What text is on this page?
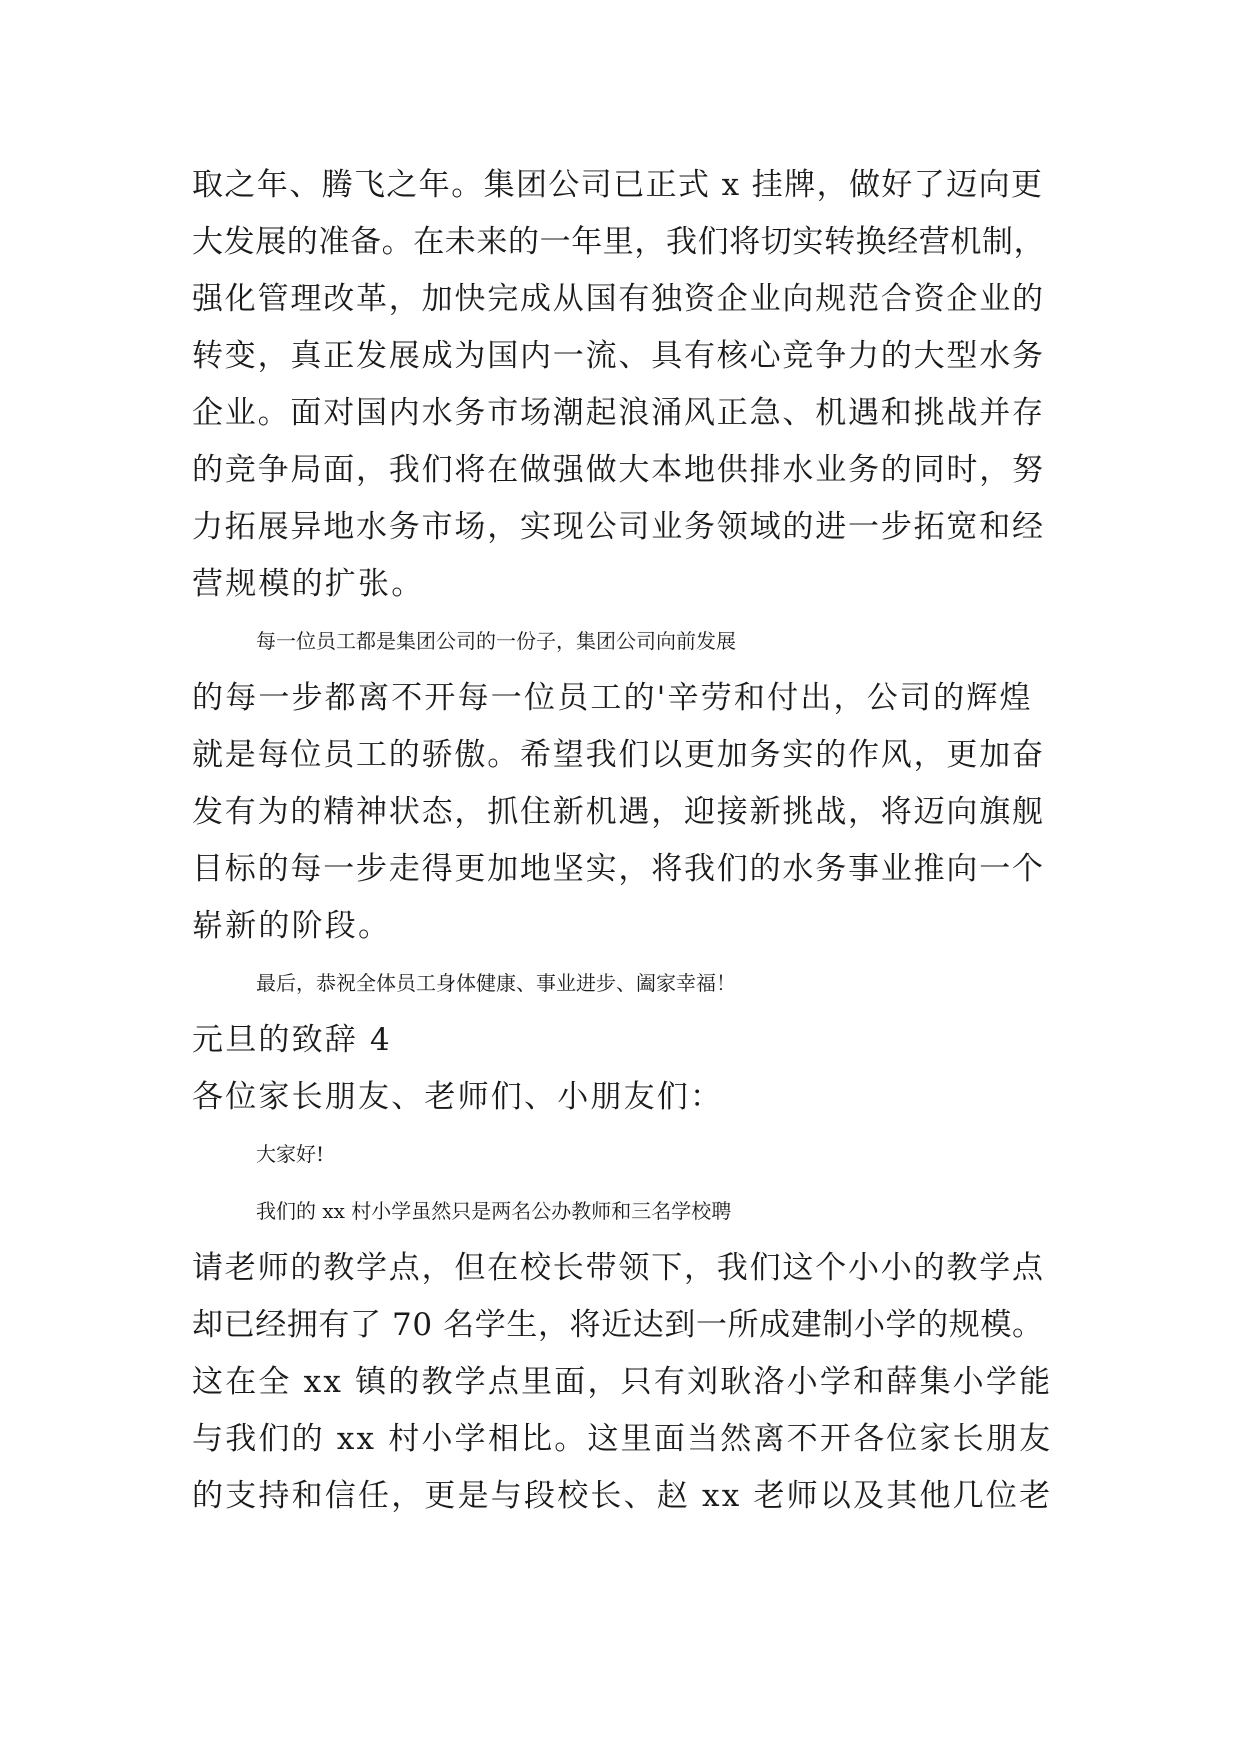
取之年、腾飞之年。集团公司已正式 x 挂牌，做好了迈向更
大发展的准备。在未来的一年里，我们将切实转换经营机制，
强化管理改革，加快完成从国有独资企业向规范合资企业的
转变，真正发展成为国内一流、具有核心竞争力的大型水务
企业。面对国内水务市场潮起浪涌风正急、机遇和挑战并存
的竞争局面，我们将在做强做大本地供排水业务的同时，努
力拓展异地水务市场，实现公司业务领域的进一步拓宽和经
营规模的扩张。
每一位员工都是集团公司的一份子，集团公司向前发展
的每一步都离不开每一位员工的'辛劳和付出，公司的辉煌
就是每位员工的骄傲。希望我们以更加务实的作风，更加奋
发有为的精神状态，抓住新机遇，迎接新挑战，将迈向旗舰
目标的每一步走得更加地坚实，将我们的水务事业推向一个
崭新的阶段。
最后，恭祝全体员工身体健康、事业进步、阖家幸福！
元旦的致辞 4
各位家长朋友、老师们、小朋友们：
大家好!
我们的 xx 村小学虽然只是两名公办教师和三名学校聘
请老师的教学点，但在校长带领下，我们这个小小的教学点
却已经拥有了 70 名学生，将近达到一所成建制小学的规模。
这在全 xx 镇的教学点里面，只有刘耿洛小学和薛集小学能
与我们的 xx 村小学相比。这里面当然离不开各位家长朋友
的支持和信任，更是与段校长、赵 xx 老师以及其他几位老
